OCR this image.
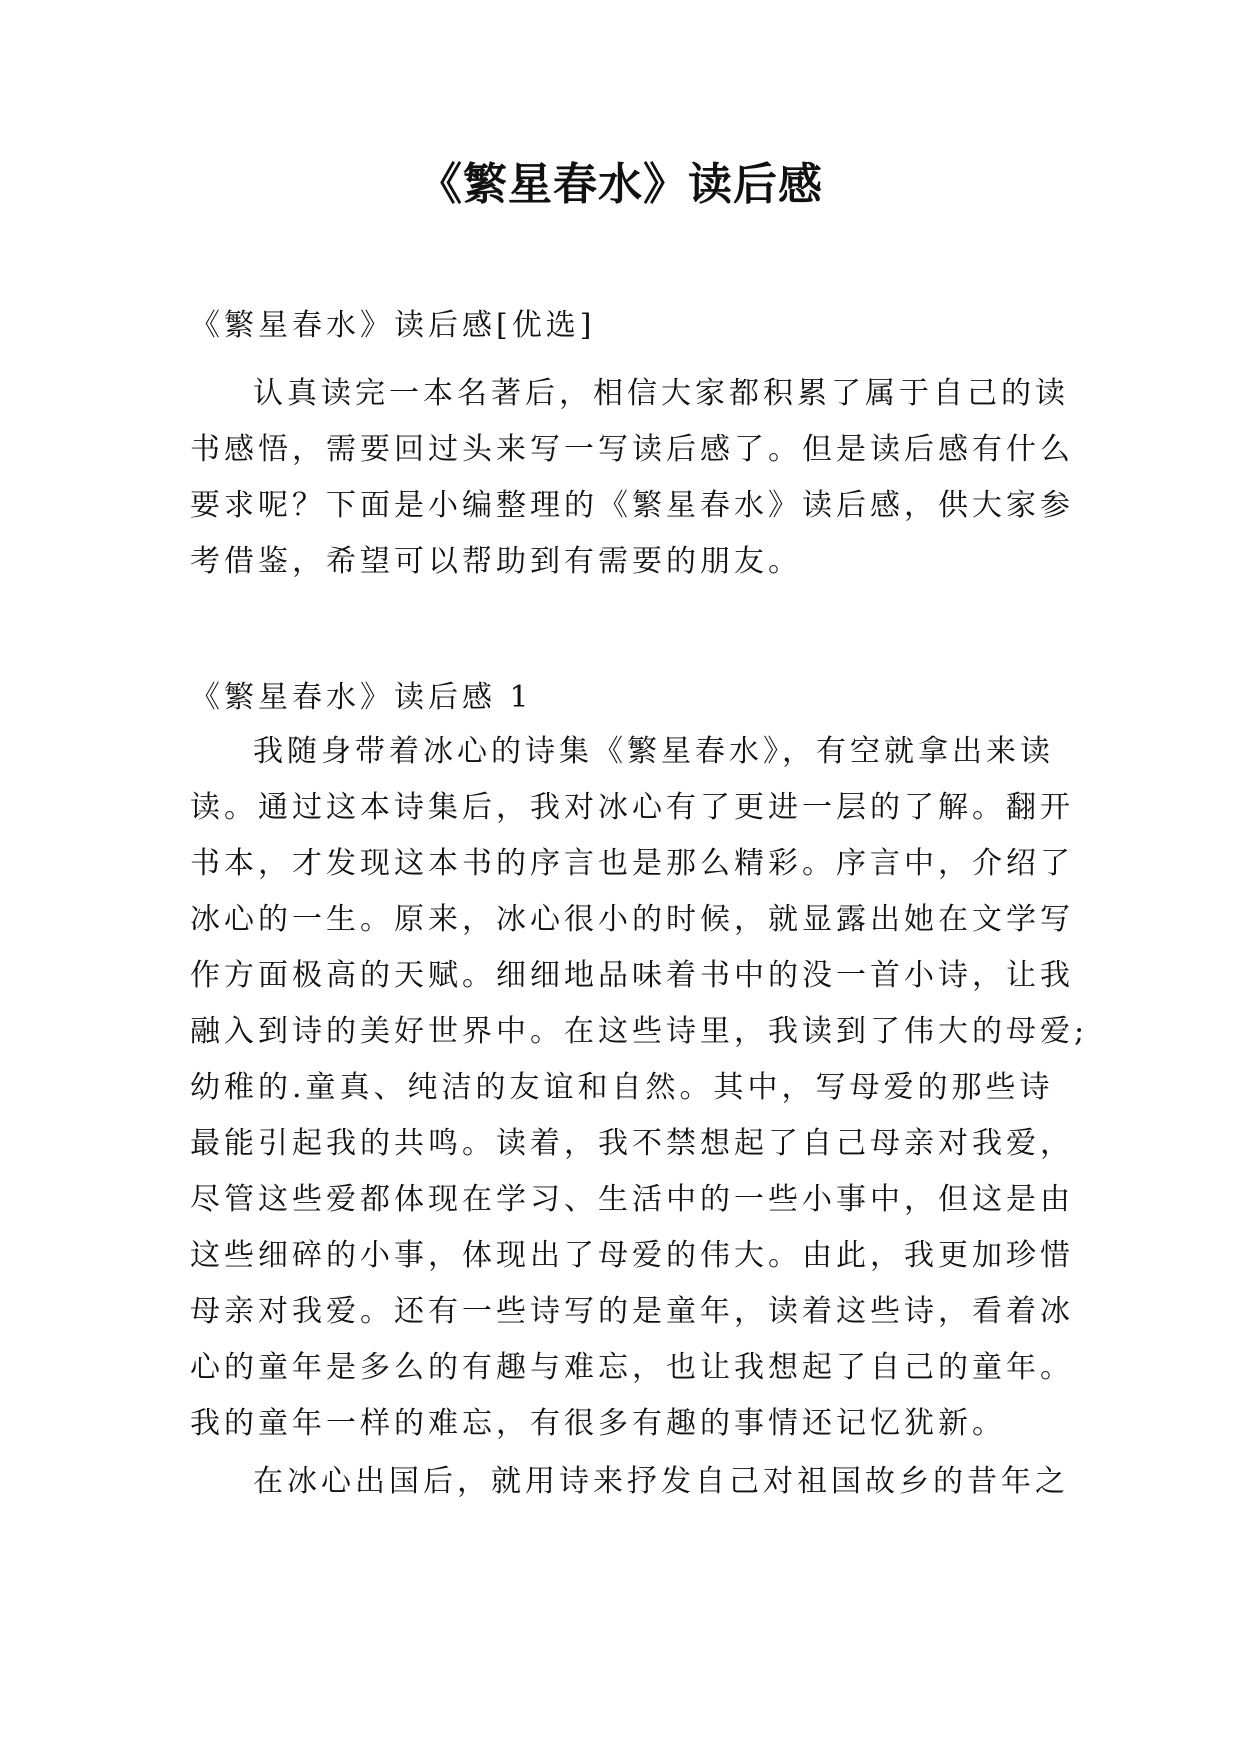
《繁星春水》读后感
《繁星春水》读后感[优选]
认真读完一本名著后，相信大家都积累了属于自己的读
书感悟，需要回过头来写一写读后感了。但是读后感有什么
要求呢？下面是小编整理的《繁星春水》读后感，供大家参
考借鉴，希望可以帮助到有需要的朋友。
《繁星春水》读后感 1
我随身带着冰心的诗集《繁星春水》，有空就拿出来读
读。通过这本诗集后，我对冰心有了更进一层的了解。翻开
书本，才发现这本书的序言也是那么精彩。序言中，介绍了
冰心的一生。原来，冰心很小的时候，就显露出她在文学写
作方面极高的天赋。细细地品味着书中的没一首小诗，让我
融入到诗的美好世界中。在这些诗里，我读到了伟大的母爱;
幼稚的.童真、纯洁的友谊和自然。其中，写母爱的那些诗
最能引起我的共鸣。读着，我不禁想起了自己母亲对我爱，
尽管这些爱都体现在学习、生活中的一些小事中，但这是由
这些细碎的小事，体现出了母爱的伟大。由此，我更加珍惜
母亲对我爱。还有一些诗写的是童年，读着这些诗，看着冰
心的童年是多么的有趣与难忘，也让我想起了自己的童年。
我的童年一样的难忘，有很多有趣的事情还记忆犹新。
在冰心出国后，就用诗来抒发自己对祖国故乡的昔年之
